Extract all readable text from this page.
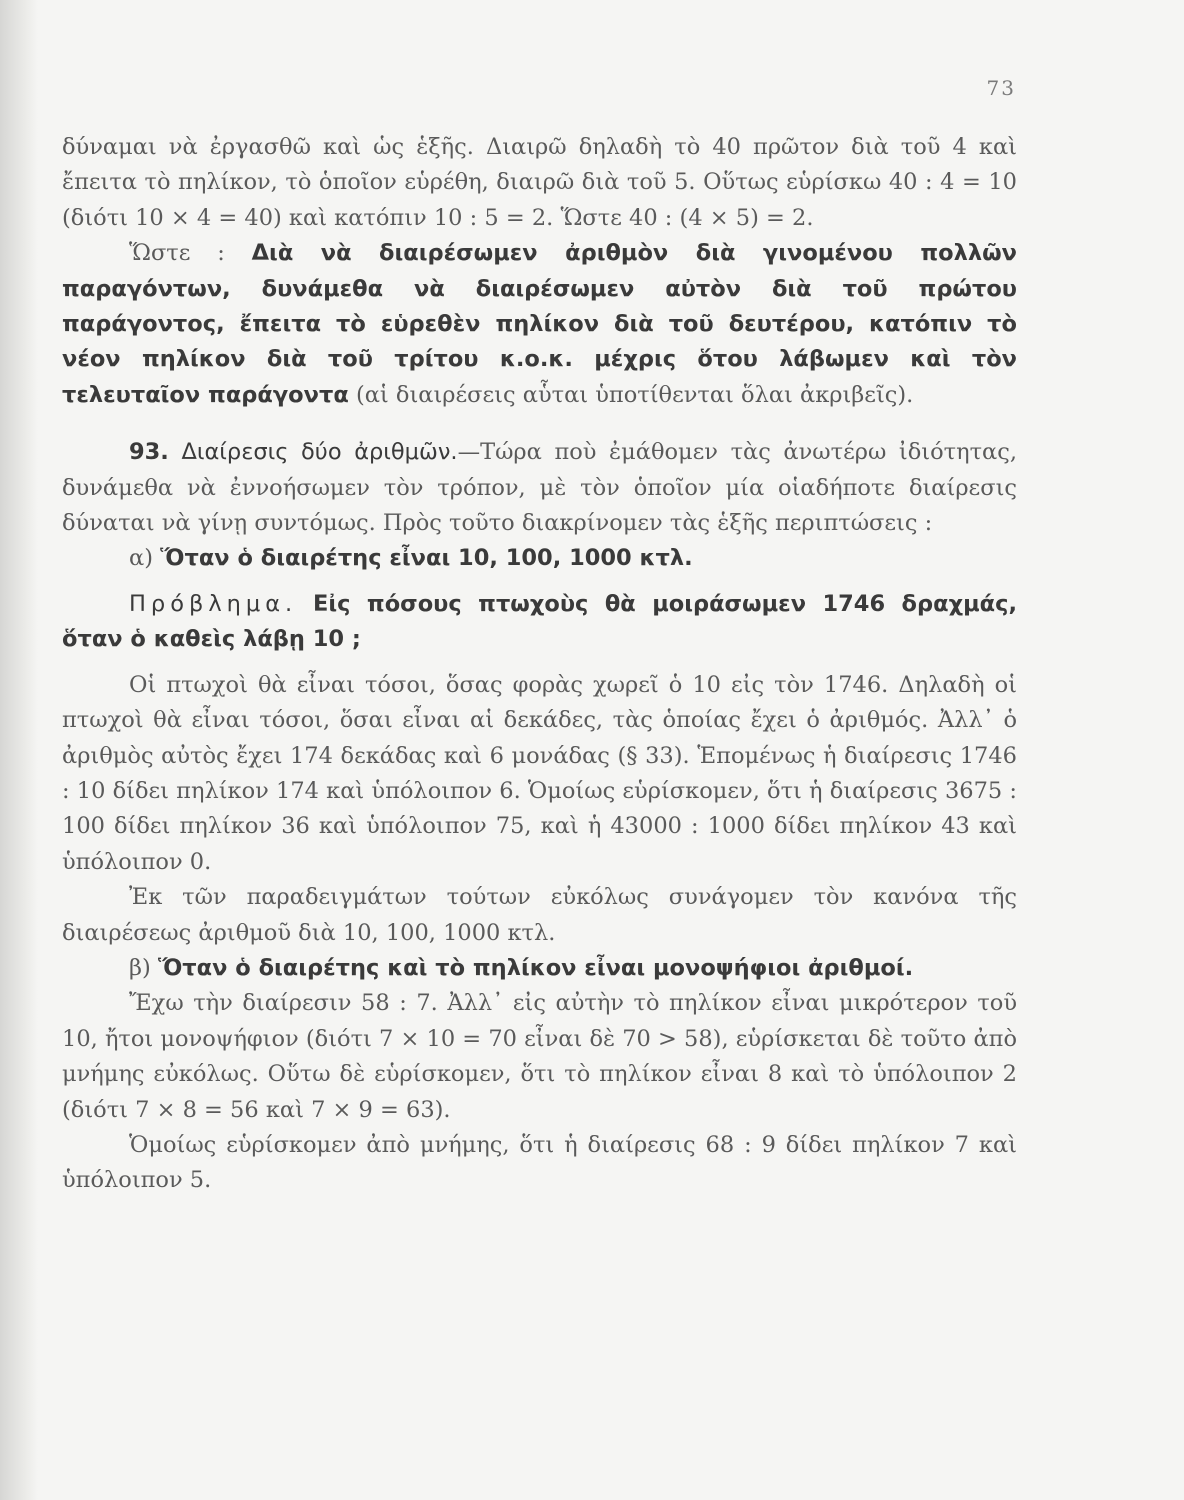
73

δύναμαι νὰ ἐργασθῶ καὶ ὡς ἑξῆς. Διαιρῶ δηλαδὴ τὸ 40 πρῶτον διὰ τοῦ 4 καὶ ἔπειτα τὸ πηλίκον, τὸ ὁποῖον εὑρέθη, διαιρῶ διὰ τοῦ 5. Οὕτως εὑρίσκω 40 : 4 = 10 (διότι 10 × 4 = 40) καὶ κατόπιν 10 : 5 = 2. Ὥστε 40 : (4 × 5) = 2.

Ὥστε : Διὰ νὰ διαιρέσωμεν ἀριθμὸν διὰ γινομένου πολλῶν παραγόντων, δυνάμεθα νὰ διαιρέσωμεν αὐτὸν διὰ τοῦ πρώτου παράγοντος, ἔπειτα τὸ εὑρεθὲν πηλίκον διὰ τοῦ δευτέρου, κατόπιν τὸ νέον πηλίκον διὰ τοῦ τρίτου κ.ο.κ. μέχρις ὅτου λάβωμεν καὶ τὸν τελευταῖον παράγοντα (αἱ διαιρέσεις αὗται ὑποτίθενται ὅλαι ἀκριβεῖς).

93. Διαίρεσις δύο ἀριθμῶν.—Τώρα ποὺ ἐμάθομεν τὰς ἀνωτέρω ἰδιότητας, δυνάμεθα νὰ ἐννοήσωμεν τὸν τρόπον, μὲ τὸν ὁποῖον μία οἱαδήποτε διαίρεσις δύναται νὰ γίνῃ συντόμως. Πρὸς τοῦτο διακρίνομεν τὰς ἑξῆς περιπτώσεις :

α) Ὅταν ὁ διαιρέτης εἶναι 10, 100, 1000 κτλ.

Πρόβλημα. Εἰς πόσους πτωχοὺς θὰ μοιράσωμεν 1746 δραχμάς, ὅταν ὁ καθεὶς λάβῃ 10 ;

Οἱ πτωχοὶ θὰ εἶναι τόσοι, ὅσας φορὰς χωρεῖ ὁ 10 εἰς τὸν 1746. Δηλαδὴ οἱ πτωχοὶ θὰ εἶναι τόσοι, ὅσαι εἶναι αἱ δεκάδες, τὰς ὁποίας ἔχει ὁ ἀριθμός. Ἀλλ᾿ ὁ ἀριθμὸς αὐτὸς ἔχει 174 δεκάδας καὶ 6 μονάδας (§ 33). Ἑπομένως ἡ διαίρεσις 1746 : 10 δίδει πηλίκον 174 καὶ ὑπόλοιπον 6. Ὁμοίως εὑρίσκομεν, ὅτι ἡ διαίρεσις 3675 : 100 δίδει πηλίκον 36 καὶ ὑπόλοιπον 75, καὶ ἡ 43000 : 1000 δίδει πηλίκον 43 καὶ ὑπόλοιπον 0.

Ἐκ τῶν παραδειγμάτων τούτων εὐκόλως συνάγομεν τὸν κανόνα τῆς διαιρέσεως ἀριθμοῦ διὰ 10, 100, 1000 κτλ.

β) Ὅταν ὁ διαιρέτης καὶ τὸ πηλίκον εἶναι μονοψήφιοι ἀριθμοί.

Ἔχω τὴν διαίρεσιν 58 : 7. Ἀλλ᾿ εἰς αὐτὴν τὸ πηλίκον εἶναι μικρότερον τοῦ 10, ἤτοι μονοψήφιον (διότι 7 × 10 = 70 εἶναι δὲ 70 > 58), εὑρίσκεται δὲ τοῦτο ἀπὸ μνήμης εὐκόλως. Οὕτω δὲ εὑρίσκομεν, ὅτι τὸ πηλίκον εἶναι 8 καὶ τὸ ὑπόλοιπον 2 (διότι 7 × 8 = 56 καὶ 7 × 9 = 63).

Ὁμοίως εὑρίσκομεν ἀπὸ μνήμης, ὅτι ἡ διαίρεσις 68 : 9 δίδει πηλίκον 7 καὶ ὑπόλοιπον 5.
